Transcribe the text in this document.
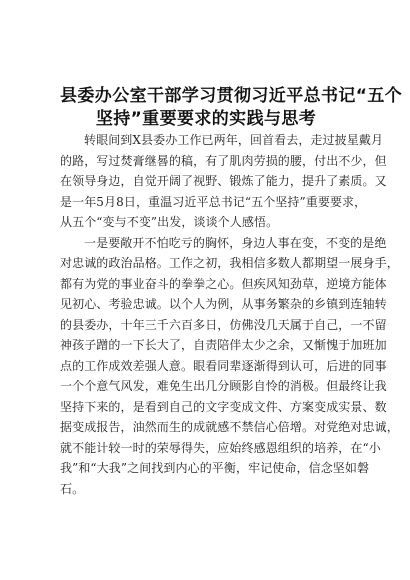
县委办公室干部学习贯彻习近平总书记“五个
坚持”重要要求的实践与思考
转眼间到X县委办工作已两年，回首看去，走过披星戴月
的路，写过焚膏继晷的稿，有了肌肉劳损的腰，付出不少，但
在领导身边，自觉开阔了视野、锻炼了能力，提升了素质。又
是一年5月8日，重温习近平总书记“五个坚持”重要要求，
从五个“变与不变”出发，谈谈个人感悟。
一是要敞开不怕吃亏的胸怀，身边人事在变，不变的是绝
对忠诚的政治品格。工作之初，我相信多数人都期望一展身手，
都有为党的事业奋斗的拳拳之心。但疾风知劲草，逆境方能体
见初心、考验忠诚。以个人为例，从事务繁杂的乡镇到连轴转
的县委办，十年三千六百多日，仿佛没几天属于自己，一不留
神孩子蹭的一下长大了，自责陪伴太少之余，又惭愧于加班加
点的工作成效差强人意。眼看同辈逐渐得到认可，后进的同事
一个个意气风发，难免生出几分顾影自怜的消极。但最终让我
坚持下来的，是看到自己的文字变成文件、方案变成实景、数
据变成报告，油然而生的成就感不禁信心倍增。对党绝对忠诚，
就不能计较一时的荣辱得失，应始终感恩组织的培养，在“小
我”和“大我”之间找到内心的平衡，牢记使命，信念坚如磐
石。
